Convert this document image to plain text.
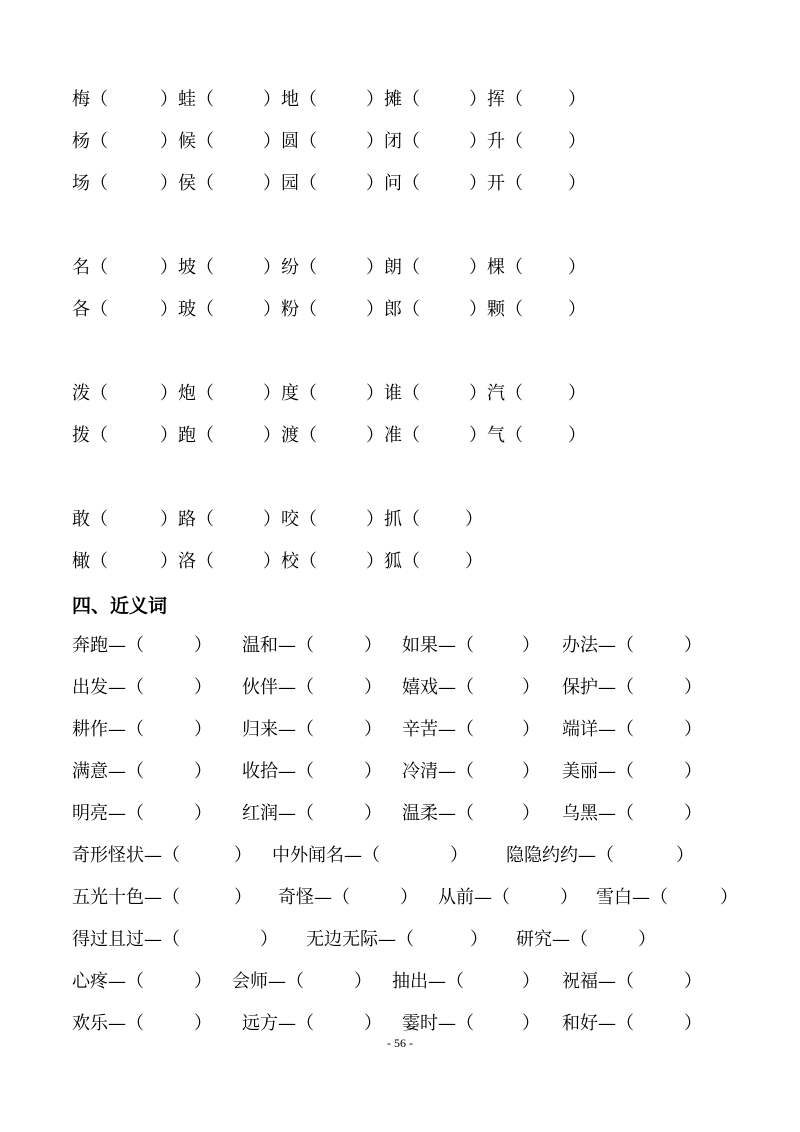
梅（	）蛙（	）地（	）摊（	）挥（	）
杨（	）候（	）圆（	）闭（	）升（	）
场（	）侯（	）园（	）问（	）开（	）
名（	）坡（	）纷（	）朗（	）棵（	）
各（	）玻（	）粉（	）郎（	）颗（	）
泼（	）炮（	）度（	）谁（	）汽（	）
拨（	）跑（	）渡（	）准（	）气（	）
敢（	）路（	）咬（	）抓（	）
橄（	）洛（	）校（	）狐（	）
四、近义词
奔跑—（	） 温和—（	） 如果—（	） 办法—（	）
出发—（	） 伙伴—（	） 嬉戏—（	） 保护—（	）
耕作—（	） 归来—（	） 辛苦—（	） 端详—（	）
满意—（	） 收拾—（	） 冷清—（	） 美丽—（	）
明亮—（	） 红润—（	） 温柔—（	） 乌黑—（	）
奇形怪状—（	） 中外闻名—（	） 隐隐约约—（	）
五光十色—（	） 奇怪—（	） 从前—（	） 雪白—（	）
得过且过—（	） 无边无际—（	） 研究—（	）
心疼—（	） 会师—（	） 抽出—（	） 祝福—（	）
欢乐—（	） 远方—（	） 霎时—（	） 和好—（	）
- 56 -
